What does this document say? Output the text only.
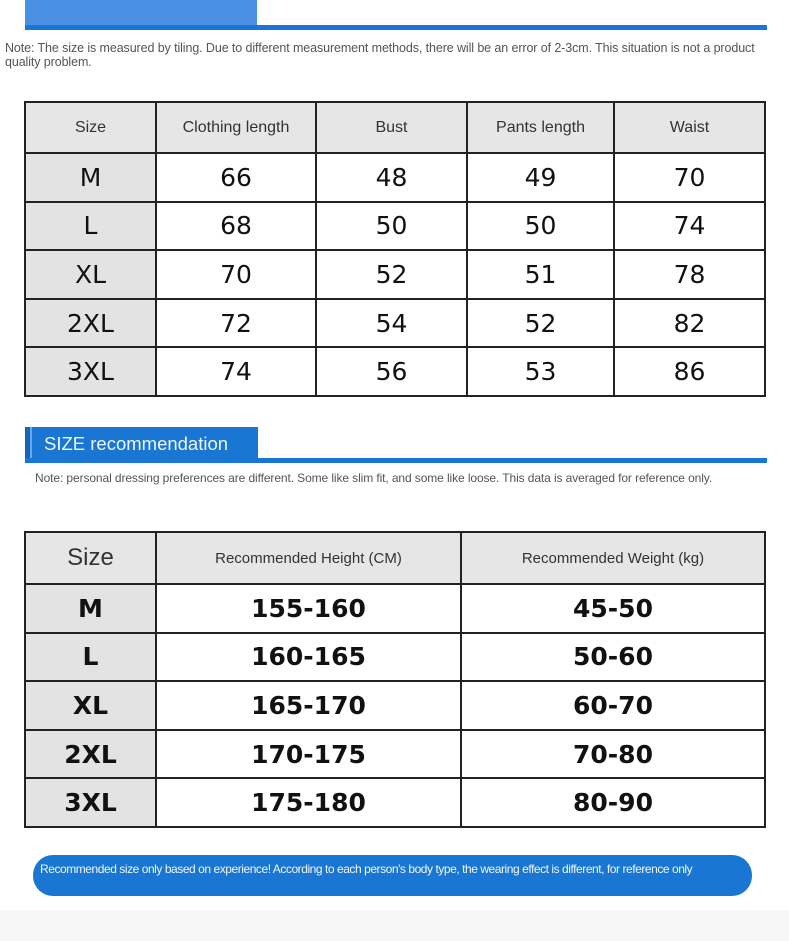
Note: The size is measured by tiling. Due to different measurement methods, there will be an error of 2-3cm. This situation is not a product quality problem.

Size	Clothing length	Bust	Pants length	Waist
M	66	48	49	70
L	68	50	50	74
XL	70	52	51	78
2XL	72	54	52	82
3XL	74	56	53	86
SIZE recommendation

Note: personal dressing preferences are different. Some like slim fit, and some like loose. This data is averaged for reference only.

Size	Recommended Height (CM)	Recommended Weight (kg)
M	155-160	45-50
L	160-165	50-60
XL	165-170	60-70
2XL	170-175	70-80
3XL	175-180	80-90
Recommended size only based on experience! According to each person's body type, the wearing effect is different, for reference only
